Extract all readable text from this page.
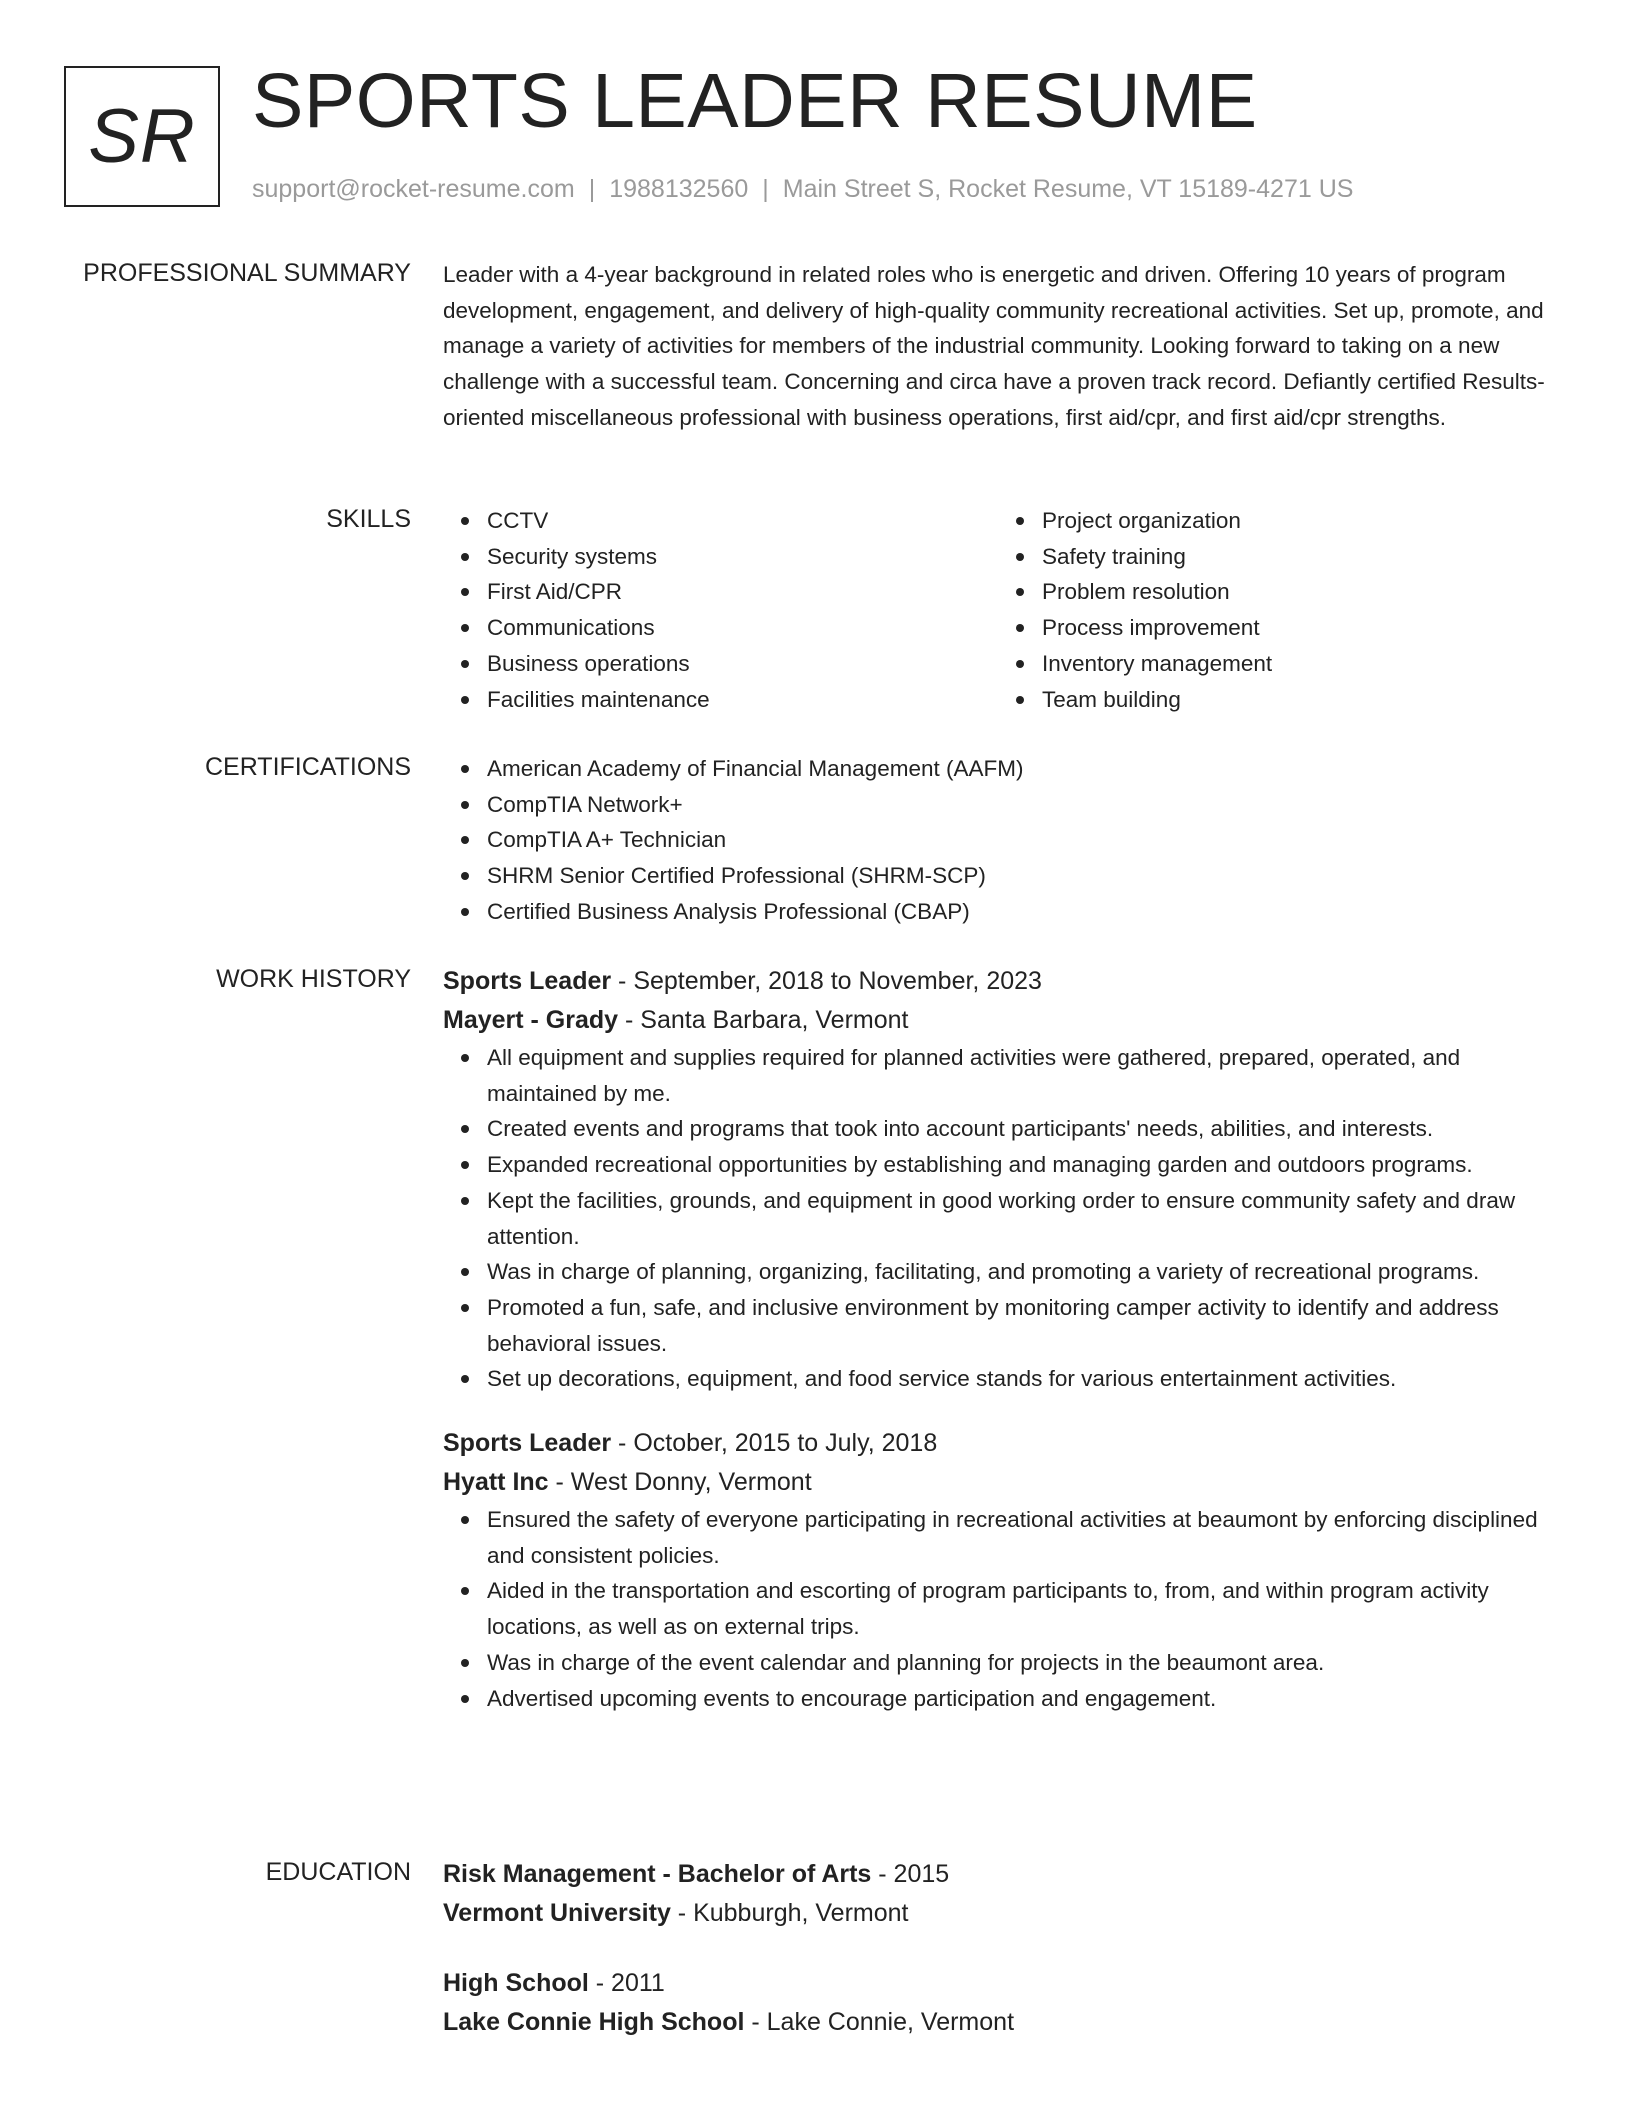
SR SPORTS LEADER RESUME
support@rocket-resume.com | 1988132560 | Main Street S, Rocket Resume, VT 15189-4271 US
PROFESSIONAL SUMMARY Leader with a 4-year background in related roles who is energetic and driven. Offering 10 years of program development, engagement, and delivery of high-quality community recreational activities. Set up, promote, and manage a variety of activities for members of the industrial community. Looking forward to taking on a new challenge with a successful team. Concerning and circa have a proven track record. Defiantly certified Results-oriented miscellaneous professional with business operations, first aid/cpr, and first aid/cpr strengths.

SKILLS	CCTV
Security systems
First Aid/CPR
Communications
Business operations
Facilities maintenance
Project organization
Safety training
Problem resolution
Process improvement
Inventory management
Team building
CERTIFICATIONS	American Academy of Financial Management (AAFM)
CompTIA Network+
CompTIA A+ Technician
SHRM Senior Certified Professional (SHRM-SCP)
Certified Business Analysis Professional (CBAP)
WORK HISTORY Sports Leader - September, 2018 to November, 2023
Mayert - Grady - Santa Barbara, Vermont
All equipment and supplies required for planned activities were gathered, prepared, operated, and maintained by me.
Created events and programs that took into account participants' needs, abilities, and interests.
Expanded recreational opportunities by establishing and managing garden and outdoors programs.
Kept the facilities, grounds, and equipment in good working order to ensure community safety and draw attention.
Was in charge of planning, organizing, facilitating, and promoting a variety of recreational programs.
Promoted a fun, safe, and inclusive environment by monitoring camper activity to identify and address behavioral issues.
Set up decorations, equipment, and food service stands for various entertainment activities.
Sports Leader - October, 2015 to July, 2018
Hyatt Inc - West Donny, Vermont
Ensured the safety of everyone participating in recreational activities at beaumont by enforcing disciplined and consistent policies.
Aided in the transportation and escorting of program participants to, from, and within program activity locations, as well as on external trips.
Was in charge of the event calendar and planning for projects in the beaumont area.
Advertised upcoming events to encourage participation and engagement.
EDUCATION Risk Management - Bachelor of Arts - 2015
Vermont University - Kubburgh, Vermont
High School - 2011
Lake Connie High School - Lake Connie, Vermont
